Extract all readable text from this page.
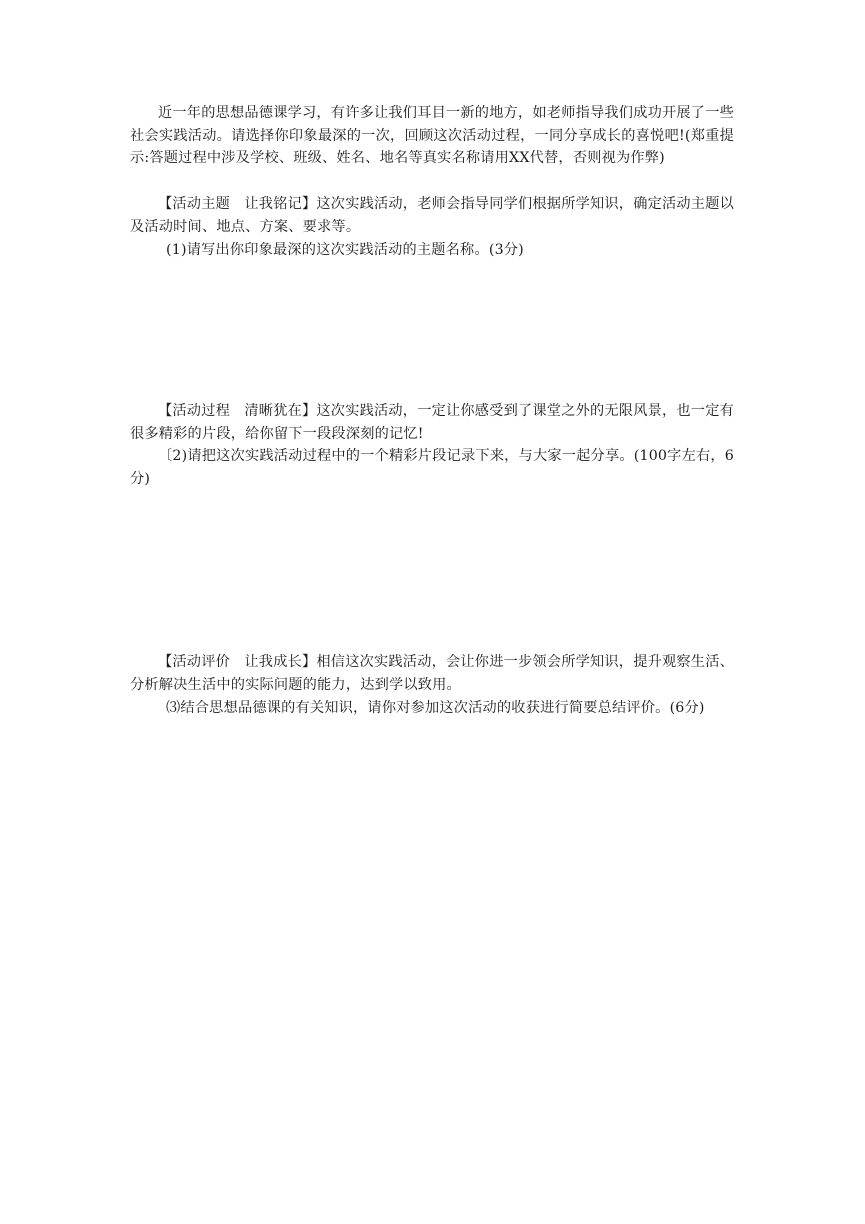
近一年的思想品德课学习，有许多让我们耳目一新的地方，如老师指导我们成功开展了一些社会实践活动。请选择你印象最深的一次，回顾这次活动过程，一同分享成长的喜悦吧!(郑重提示:答题过程中涉及学校、班级、姓名、地名等真实名称请用XX代替，否则视为作弊)

【活动主题　让我铭记】这次实践活动，老师会指导同学们根据所学知识，确定活动主题以及活动时间、地点、方案、要求等。

(1)请写出你印象最深的这次实践活动的主题名称。(3分)

【活动过程　清晰犹在】这次实践活动，一定让你感受到了课堂之外的无限风景，也一定有很多精彩的片段，给你留下一段段深刻的记忆!

〔2)请把这次实践活动过程中的一个精彩片段记录下来，与大家一起分享。(100字左右，6分)

【活动评价　让我成长】相信这次实践活动，会让你进一步领会所学知识，提升观察生活、分析解决生活中的实际问题的能力，达到学以致用。

⑶结合思想品德课的有关知识，请你对参加这次活动的收获进行简要总结评价。(6分)
